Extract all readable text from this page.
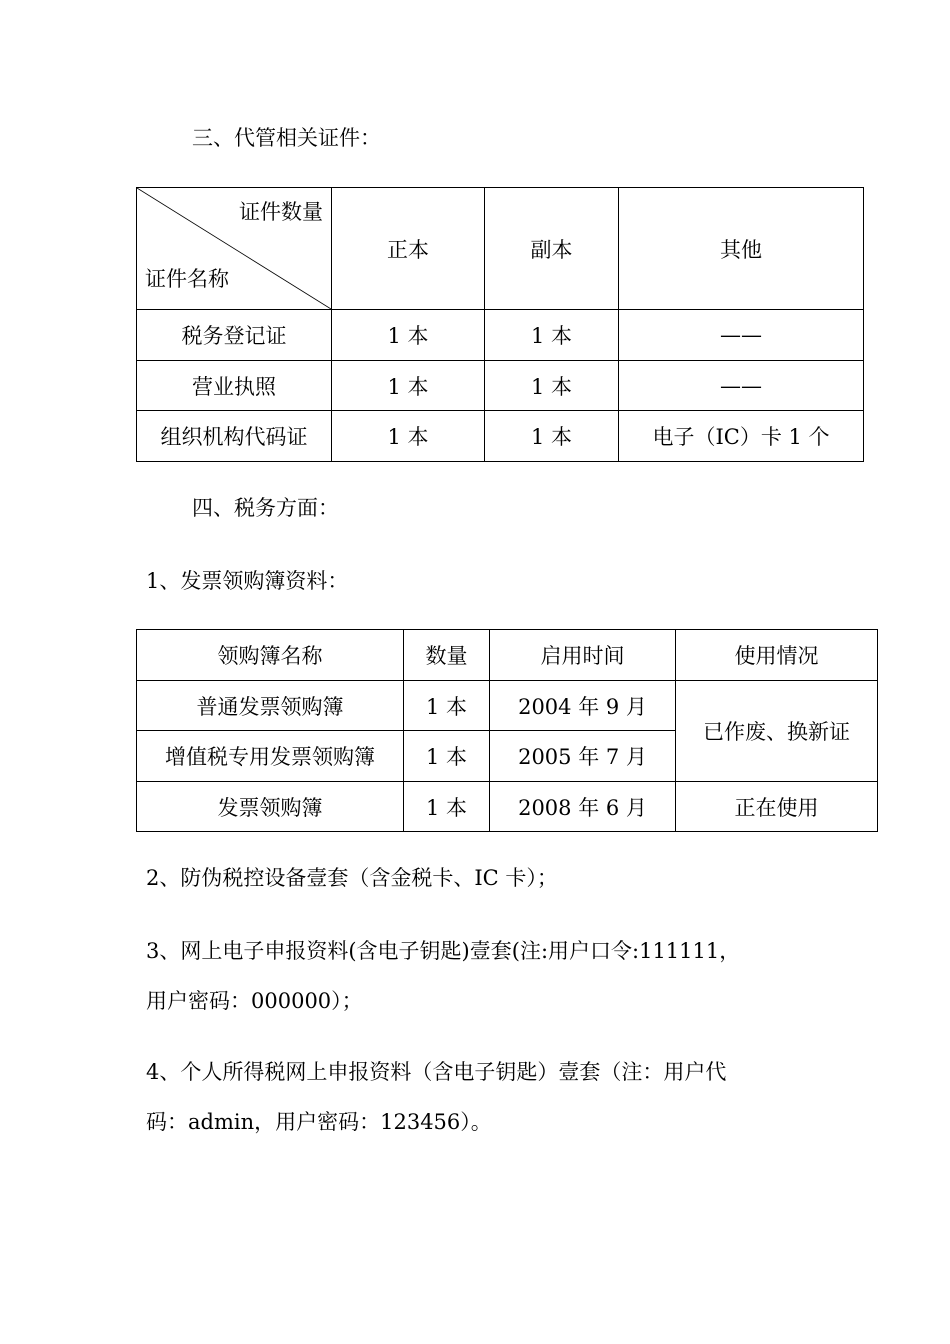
三、代管相关证件：
证件数量
证件名称	正本	副本	其他
税务登记证	1 本	1 本	——
营业执照	1 本	1 本	——
组织机构代码证	1 本	1 本	电子（IC）卡 1 个
四、税务方面：
1、发票领购簿资料：
领购簿名称	数量	启用时间	使用情况
普通发票领购簿	1 本	2004 年 9 月	已作废、换新证
增值税专用发票领购簿	1 本	2005 年 7 月	
发票领购簿	1 本	2008 年 6 月	正在使用
2、防伪税控设备壹套（含金税卡、IC 卡）；
3、网上电子申报资料(含电子钥匙)壹套(注:用户口令:111111，
用户密码：000000）；
4、个人所得税网上申报资料（含电子钥匙）壹套（注：用户代
码：admin，用户密码：123456）。
